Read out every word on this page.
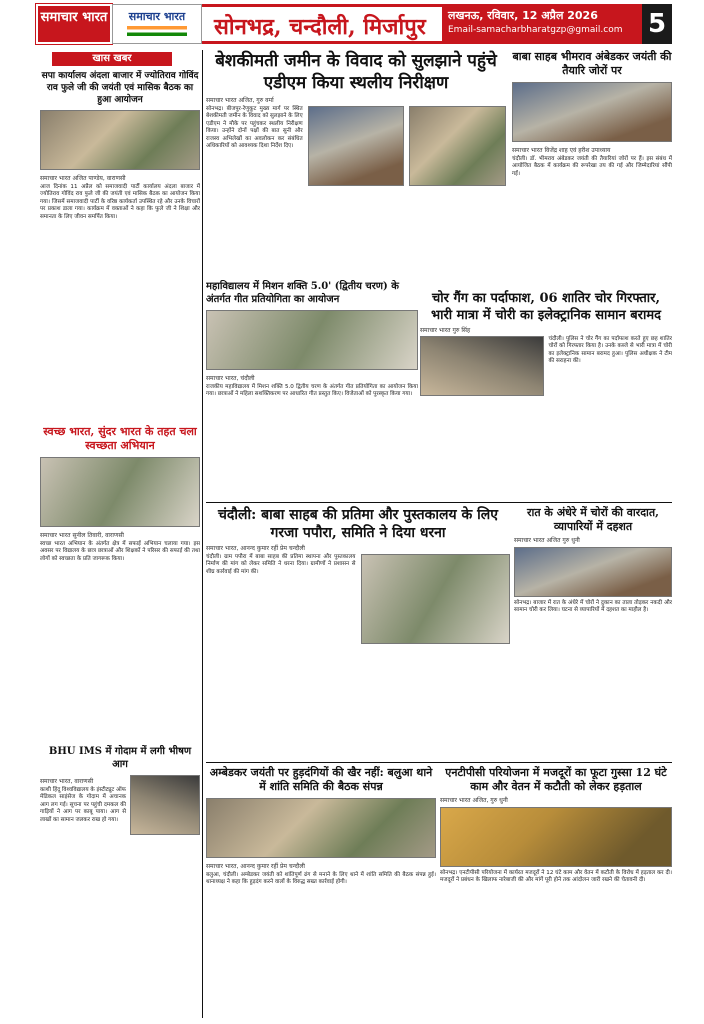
समाचार भारत	समाचार भारत	सोनभद्र, चन्दौली, मिर्जापुर	लखनऊ, रविवार, 12 अप्रैल 2026
Email-samacharbharatgzp@gmail.com 5
खास खबर
सपा कार्यालय अंदला बाजार में ज्योतिराव गोविंद राव फुले जी की जयंती एवं मासिक बैठक का हुआ आयोजन
समाचार भारत अजित पाण्डेय, वाराणसी
आज दिनांक 11 अप्रैल को समाजवादी पार्टी कार्यालय अंदला बाजार में ज्योतिराव गोविंद राव फुले जी की जयंती एवं मासिक बैठक का आयोजन किया गया। जिसमें समाजवादी पार्टी के वरिष्ठ कार्यकर्ता उपस्थित रहे और उनके विचारों पर प्रकाश डाला गया। कार्यक्रम में वक्ताओं ने कहा कि फुले जी ने शिक्षा और समानता के लिए जीवन समर्पित किया।
स्वच्छ भारत, सुंदर भारत के तहत चला स्वच्छता अभियान
समाचार भारत सुनील तिवारी, वाराणसी
स्वच्छ भारत अभियान के अंतर्गत क्षेत्र में सफाई अभियान चलाया गया। इस अवसर पर विद्यालय के छात्र छात्राओं और शिक्षकों ने परिसर की सफाई की तथा लोगों को स्वच्छता के प्रति जागरूक किया।
BHU IMS में गोदाम में लगी भीषण आग
समाचार भारत, वाराणसी
काशी हिंदू विश्वविद्यालय के इंस्टीट्यूट ऑफ मेडिकल साइंसेज के गोदाम में अचानक आग लग गई। सूचना पर पहुंची दमकल की गाड़ियों ने आग पर काबू पाया। आग से लाखों का सामान जलकर राख हो गया।
बेशकीमती जमीन के विवाद को सुलझाने पहुंचे एडीएम किया स्थलीय निरीक्षण
समाचार भारत अजित, गुरु वर्मा
सोनभद्र। बीजपुर-रेणुकूट मुख्य मार्ग पर स्थित बेशकीमती जमीन के विवाद को सुलझाने के लिए एडीएम ने मौके पर पहुंचकर स्थलीय निरीक्षण किया। उन्होंने दोनों पक्षों की बात सुनी और राजस्व अभिलेखों का अवलोकन कर संबंधित अधिकारियों को आवश्यक दिशा निर्देश दिए।
महाविद्यालय में मिशन शक्ति 5.0' (द्वितीय चरण) के अंतर्गत गीत प्रतियोगिता का आयोजन
समाचार भारत, चंदौली
राजकीय महाविद्यालय में मिशन शक्ति 5.0 द्वितीय चरण के अंतर्गत गीत प्रतियोगिता का आयोजन किया गया। छात्राओं ने महिला सशक्तिकरण पर आधारित गीत प्रस्तुत किए। विजेताओं को पुरस्कृत किया गया।
बाबा साहब भीमराव अंबेडकर जयंती की तैयारि जोरों पर
समाचार भारत विजेंद्र शाह एवं हरीश उपाध्याय
चंदौली। डॉ. भीमराव अंबेडकर जयंती की तैयारियां जोरों पर हैं। इस संबंध में आयोजित बैठक में कार्यक्रम की रूपरेखा तय की गई और जिम्मेदारियां सौंपी गईं।
चोर गैंग का पर्दाफाश, 06 शातिर चोर गिरफ्तार, भारी मात्रा में चोरी का इलेक्ट्रानिक सामान बरामद
समाचार भारत गुरु सिंह
चंदौली। पुलिस ने चोर गैंग का पर्दाफाश करते हुए छह शातिर चोरों को गिरफ्तार किया है। उनके कब्जे से भारी मात्रा में चोरी का इलेक्ट्रानिक सामान बरामद हुआ। पुलिस अधीक्षक ने टीम की सराहना की।
चंदौली: बाबा साहब की प्रतिमा और पुस्तकालय के लिए गरजा पपौरा, समिति ने दिया धरना
समाचार भारत, आनन्द कुमार रहीं प्रेम चन्दौली
चंदौली। ग्राम पपौरा में बाबा साहब की प्रतिमा स्थापना और पुस्तकालय निर्माण की मांग को लेकर समिति ने धरना दिया। ग्रामीणों ने प्रशासन से शीघ्र कार्रवाई की मांग की।
रात के अंधेरे में चोरों की वारदात, व्यापारियों में दहशत
समाचार भारत अजित गुरु धुनी
सोनभद्र। बाजार में रात के अंधेरे में चोरों ने दुकान का ताला तोड़कर नकदी और सामान चोरी कर लिया। घटना से व्यापारियों में दहशत का माहौल है।
अम्बेडकर जयंती पर हुड़दंगियों की खैर नहीं: बलुआ थाने में शांति समिति की बैठक संपन्न
समाचार भारत, आनन्द कुमार रहीं प्रेम चन्दौली
बलुआ, चंदौली। अम्बेडकर जयंती को शांतिपूर्ण ढंग से मनाने के लिए थाने में शांति समिति की बैठक संपन्न हुई। थानाध्यक्ष ने कहा कि हुड़दंग करने वालों के विरुद्ध सख्त कार्रवाई होगी।
एनटीपीसी परियोजना में मजदूरों का फूटा गुस्सा 12 घंटे काम और वेतन में कटौती को लेकर हड़ताल
समाचार भारत अजित, गुरु धुनी
सोनभद्र। एनटीपीसी परियोजना में कार्यरत मजदूरों ने 12 घंटे काम और वेतन में कटौती के विरोध में हड़ताल कर दी। मजदूरों ने प्रबंधन के खिलाफ नारेबाजी की और मांगें पूरी होने तक आंदोलन जारी रखने की चेतावनी दी।
